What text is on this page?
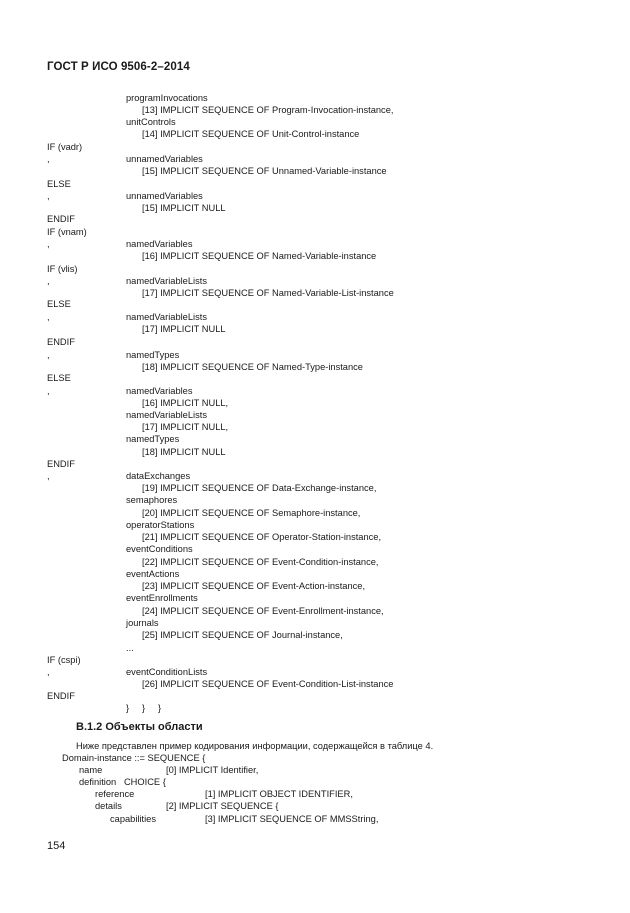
ГОСТ Р ИСО 9506-2–2014
programInvocations
[13] IMPLICIT SEQUENCE OF Program-Invocation-instance,
unitControls
[14] IMPLICIT SEQUENCE OF Unit-Control-instance
IF (vadr)
,	unnamedVariables
[15] IMPLICIT SEQUENCE OF Unnamed-Variable-instance
ELSE
,	unnamedVariables
[15] IMPLICIT NULL
ENDIF
IF (vnam)
,	namedVariables
[16] IMPLICIT SEQUENCE OF Named-Variable-instance
IF (vlis)
,	namedVariableLists
[17] IMPLICIT SEQUENCE OF Named-Variable-List-instance
ELSE
,	namedVariableLists
[17] IMPLICIT NULL
ENDIF
,	namedTypes
[18] IMPLICIT SEQUENCE OF Named-Type-instance
ELSE
,	namedVariables
[16] IMPLICIT NULL,
namedVariableLists
[17] IMPLICIT NULL,
namedTypes
[18] IMPLICIT NULL
ENDIF
,	dataExchanges
[19] IMPLICIT SEQUENCE OF Data-Exchange-instance,
semaphores
[20] IMPLICIT SEQUENCE OF Semaphore-instance,
operatorStations
[21] IMPLICIT SEQUENCE OF Operator-Station-instance,
eventConditions
[22] IMPLICIT SEQUENCE OF Event-Condition-instance,
eventActions
[23] IMPLICIT SEQUENCE OF Event-Action-instance,
eventEnrollments
[24] IMPLICIT SEQUENCE OF Event-Enrollment-instance,
journals
[25] IMPLICIT SEQUENCE OF Journal-instance,
...
IF (cspi)
,	eventConditionLists
[26] IMPLICIT SEQUENCE OF Event-Condition-List-instance
ENDIF
}     }     }
B.1.2 Объекты области
Ниже представлен пример кодирования информации, содержащейся в таблице 4.
Domain-instance ::= SEQUENCE {
name	[0] IMPLICIT Identifier,
definition   CHOICE {
reference	[1] IMPLICIT OBJECT IDENTIFIER,
details	[2] IMPLICIT SEQUENCE {
capabilities	[3] IMPLICIT SEQUENCE OF MMSString,
154
